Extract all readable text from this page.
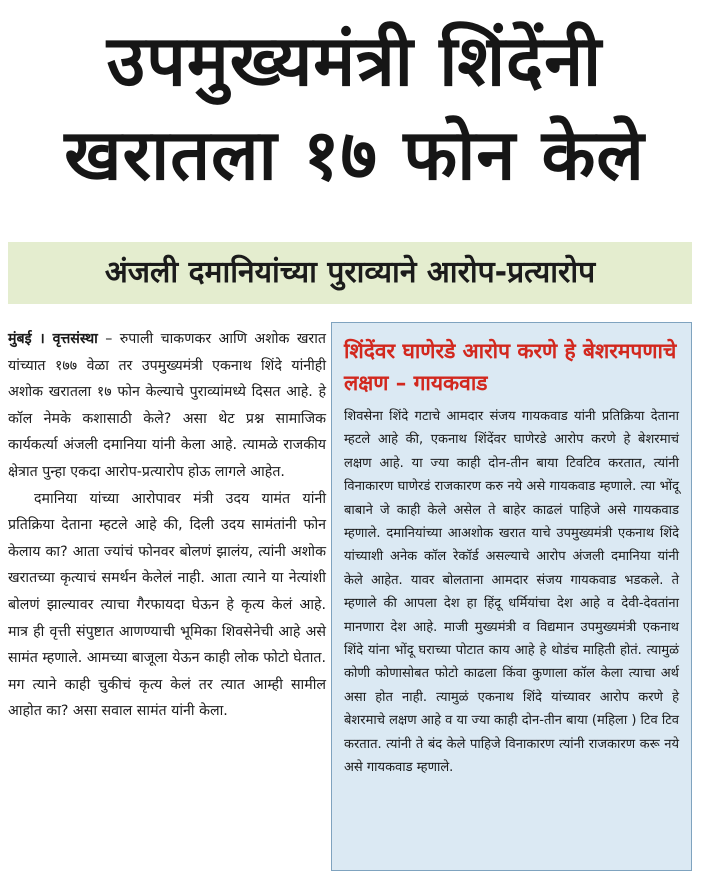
उपमुख्यमंत्री शिंदेंनी
खरातला १७ फोन केले
अंजली दमानियांच्या पुराव्याने आरोप-प्रत्यारोप

मुंबई । वृत्तसंस्था – रुपाली चाकणकर आणि अशोक खरात यांच्यात १७७ वेळा तर उपमुख्यमंत्री एकनाथ शिंदे यांनीही अशोक खरातला १७ फोन केल्याचे पुराव्यांमध्ये दिसत आहे. हे कॉल नेमके कशासाठी केले? असा थेट प्रश्न सामाजिक कार्यकर्त्या अंजली दमानिया यांनी केला आहे. त्यामळे राजकीय क्षेत्रात पुन्हा एकदा आरोप-प्रत्यारोप होऊ लागले आहेत.

दमानिया यांच्या आरोपावर मंत्री उदय यामंत यांनी प्रतिक्रिया देताना म्हटले आहे की, दिली उदय सामंतांनी फोन केलाय का? आता ज्यांचं फोनवर बोलणं झालंय, त्यांनी अशोक खरातच्या कृत्याचं समर्थन केलेलं नाही. आता त्याने या नेत्यांशी बोलणं झाल्यावर त्याचा गैरफायदा घेऊन हे कृत्य केलं आहे. मात्र ही वृत्ती संपुष्टात आणण्याची भूमिका शिवसेनेची आहे असे सामंत म्हणाले. आमच्या बाजूला येऊन काही लोक फोटो घेतात. मग त्याने काही चुकीचं कृत्य केलं तर त्यात आम्ही सामील आहोत का? असा सवाल सामंत यांनी केला.

शिंदेंवर घाणेरडे आरोप करणे हे बेशरमपणाचे लक्षण – गायकवाड

शिवसेना शिंदे गटाचे आमदार संजय गायकवाड यांनी प्रतिक्रिया देताना म्हटले आहे की, एकनाथ शिंदेंवर घाणेरडे आरोप करणे हे बेशरमाचं लक्षण आहे. या ज्या काही दोन-तीन बाया टिवटिव करतात, त्यांनी विनाकारण घाणेरडं राजकारण करु नये असे गायकवाड म्हणाले. त्या भोंदू बाबाने जे काही केले असेल ते बाहेर काढलं पाहिजे असे गायकवाड म्हणाले. दमानियांच्या आअशोक खरात याचे उपमुख्यमंत्री एकनाथ शिंदे यांच्याशी अनेक कॉल रेकॉर्ड असल्याचे आरोप अंजली दमानिया यांनी केले आहेत. यावर बोलताना आमदार संजय गायकवाड भडकले. ते म्हणाले की आपला देश हा हिंदू धर्मियांचा देश आहे व देवी-देवतांना मानणारा देश आहे. माजी मुख्यमंत्री व विद्यमान उपमुख्यमंत्री एकनाथ शिंदे यांना भोंदू घराच्या पोटात काय आहे हे थोडंच माहिती होतं. त्यामुळं कोणी कोणासोबत फोटो काढला किंवा कुणाला कॉल केला त्याचा अर्थ असा होत नाही. त्यामुळं एकनाथ शिंदे यांच्यावर आरोप करणे हे बेशरमाचे लक्षण आहे व या ज्या काही दोन-तीन बाया (महिला ) टिव टिव करतात. त्यांनी ते बंद केले पाहिजे विनाकारण त्यांनी राजकारण करू नये असे गायकवाड म्हणाले.
